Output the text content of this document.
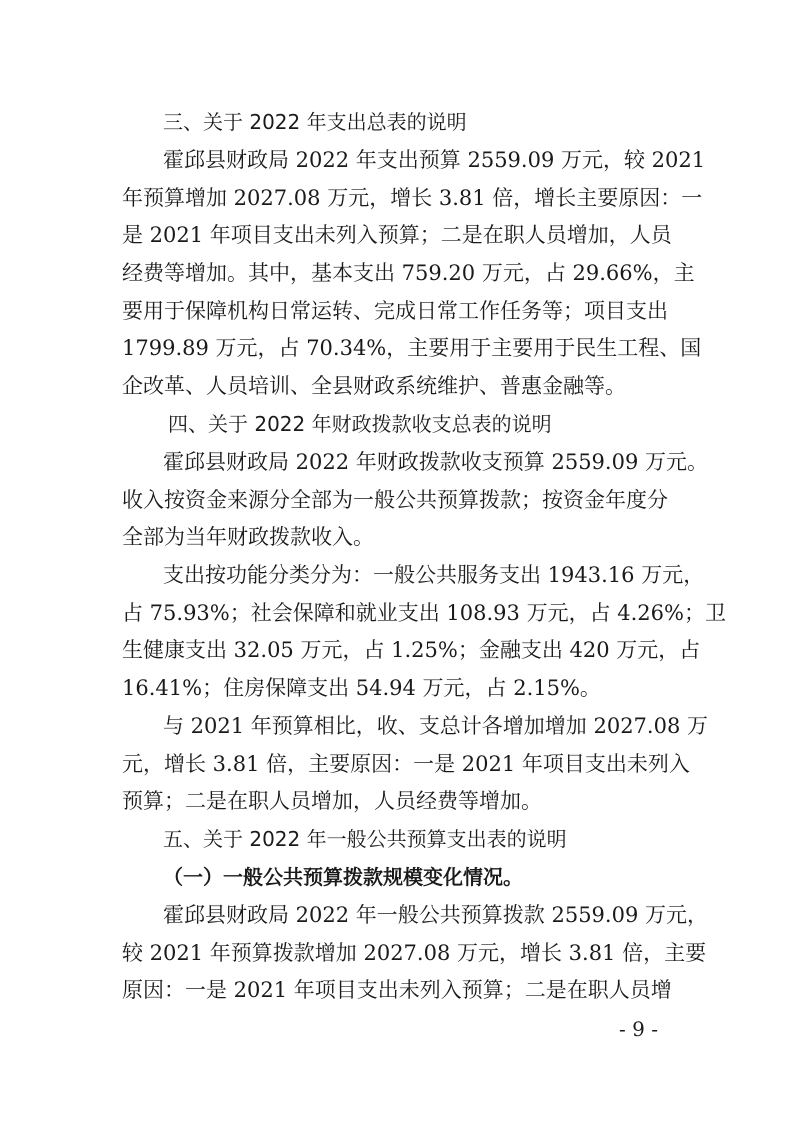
三、关于 2022 年支出总表的说明
霍邱县财政局 2022 年支出预算 2559.09 万元，较 2021
年预算增加 2027.08 万元，增长 3.81 倍，增长主要原因：一
是 2021 年项目支出未列入预算；二是在职人员增加，人员
经费等增加。其中，基本支出 759.20 万元，占 29.66%，主
要用于保障机构日常运转、完成日常工作任务等；项目支出
1799.89 万元，占 70.34%，主要用于主要用于民生工程、国
企改革、人员培训、全县财政系统维护、普惠金融等。
四、关于 2022 年财政拨款收支总表的说明
霍邱县财政局 2022 年财政拨款收支预算 2559.09 万元。
收入按资金来源分全部为一般公共预算拨款；按资金年度分
全部为当年财政拨款收入。
支出按功能分类分为：一般公共服务支出 1943.16 万元，
占 75.93%；社会保障和就业支出 108.93 万元，占 4.26%；卫
生健康支出 32.05 万元，占 1.25%；金融支出 420 万元，占
16.41%；住房保障支出 54.94 万元，占 2.15%。
与 2021 年预算相比，收、支总计各增加增加 2027.08 万
元，增长 3.81 倍，主要原因：一是 2021 年项目支出未列入
预算；二是在职人员增加，人员经费等增加。
五、关于 2022 年一般公共预算支出表的说明
（一）一般公共预算拨款规模变化情况。
霍邱县财政局 2022 年一般公共预算拨款 2559.09 万元，
较 2021 年预算拨款增加 2027.08 万元，增长 3.81 倍，主要
原因：一是 2021 年项目支出未列入预算；二是在职人员增
- 9 -
